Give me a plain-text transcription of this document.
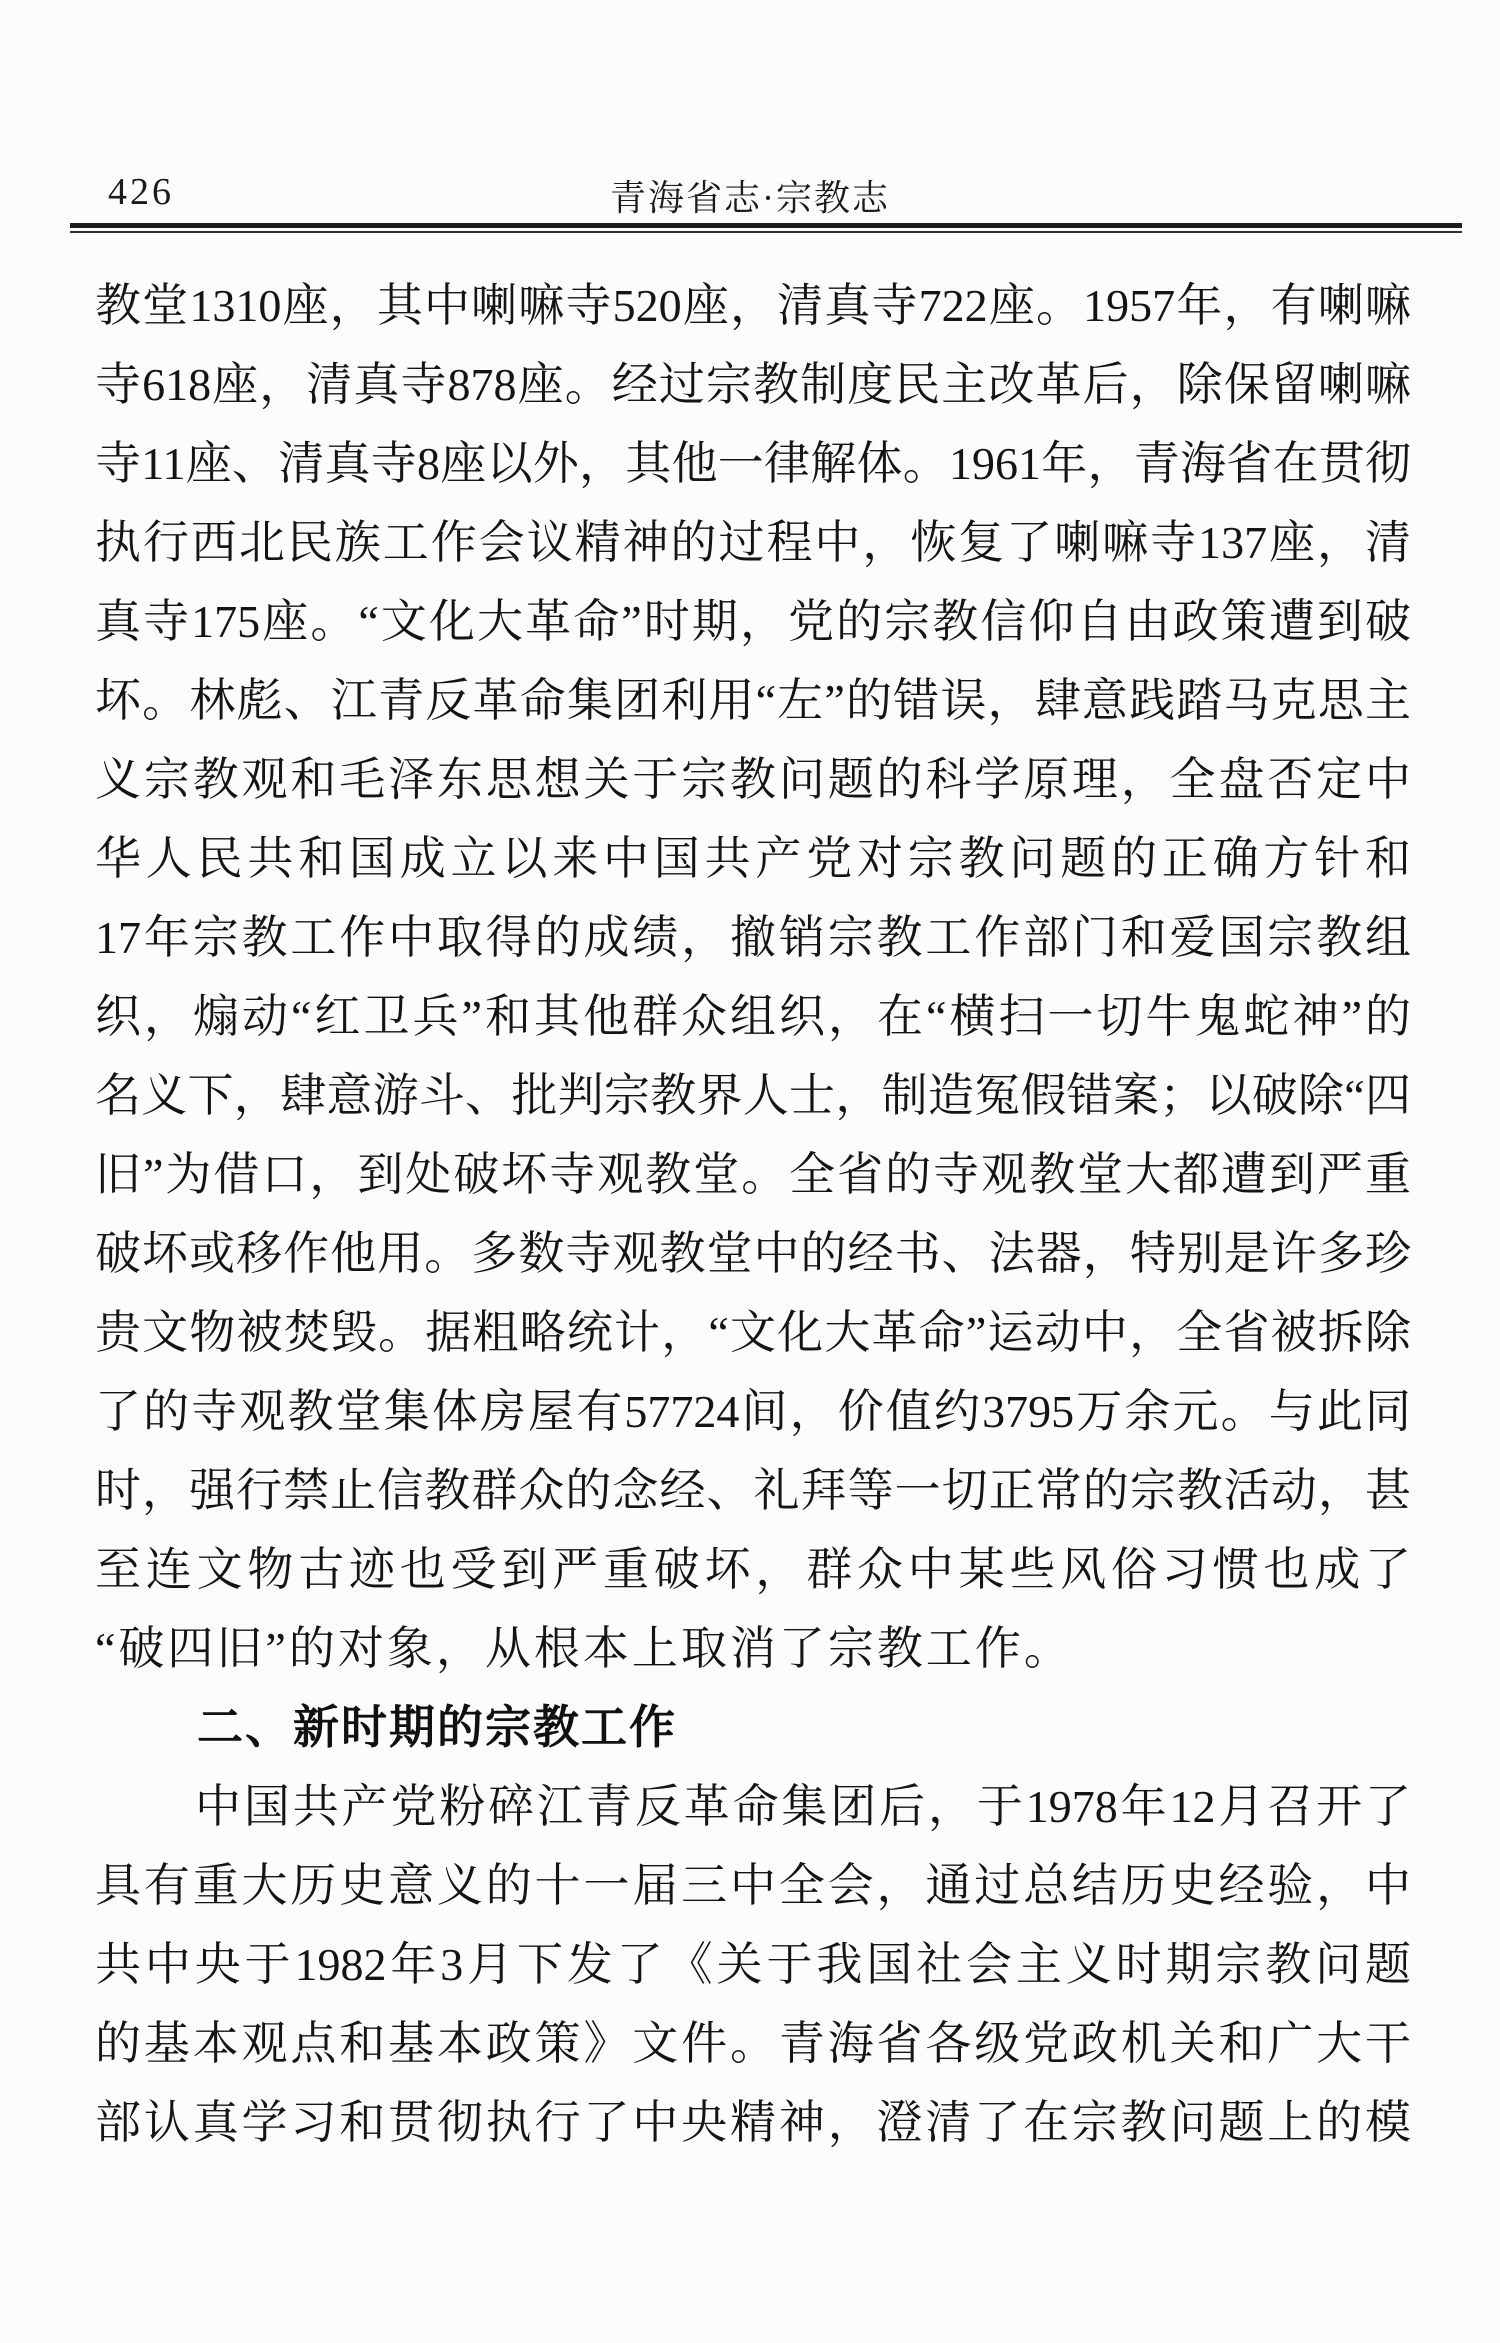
426	青海省志·宗教志
教堂1310座，其中喇嘛寺520座，清真寺722座。1957年，有喇嘛
寺618座，清真寺878座。经过宗教制度民主改革后，除保留喇嘛
寺11座、清真寺8座以外，其他一律解体。1961年，青海省在贯彻
执行西北民族工作会议精神的过程中，恢复了喇嘛寺137座，清
真寺175座。“文化大革命”时期，党的宗教信仰自由政策遭到破
坏。林彪、江青反革命集团利用“左”的错误，肆意践踏马克思主
义宗教观和毛泽东思想关于宗教问题的科学原理，全盘否定中
华人民共和国成立以来中国共产党对宗教问题的正确方针和
17年宗教工作中取得的成绩，撤销宗教工作部门和爱国宗教组
织，煽动“红卫兵”和其他群众组织，在“横扫一切牛鬼蛇神”的
名义下，肆意游斗、批判宗教界人士，制造冤假错案；以破除“四
旧”为借口，到处破坏寺观教堂。全省的寺观教堂大都遭到严重
破坏或移作他用。多数寺观教堂中的经书、法器，特别是许多珍
贵文物被焚毁。据粗略统计，“文化大革命”运动中，全省被拆除
了的寺观教堂集体房屋有57724间，价值约3795万余元。与此同
时，强行禁止信教群众的念经、礼拜等一切正常的宗教活动，甚
至连文物古迹也受到严重破坏，群众中某些风俗习惯也成了
“破四旧”的对象，从根本上取消了宗教工作。
二、新时期的宗教工作
中国共产党粉碎江青反革命集团后，于1978年12月召开了
具有重大历史意义的十一届三中全会，通过总结历史经验，中
共中央于1982年3月下发了《关于我国社会主义时期宗教问题
的基本观点和基本政策》文件。青海省各级党政机关和广大干
部认真学习和贯彻执行了中央精神，澄清了在宗教问题上的模
